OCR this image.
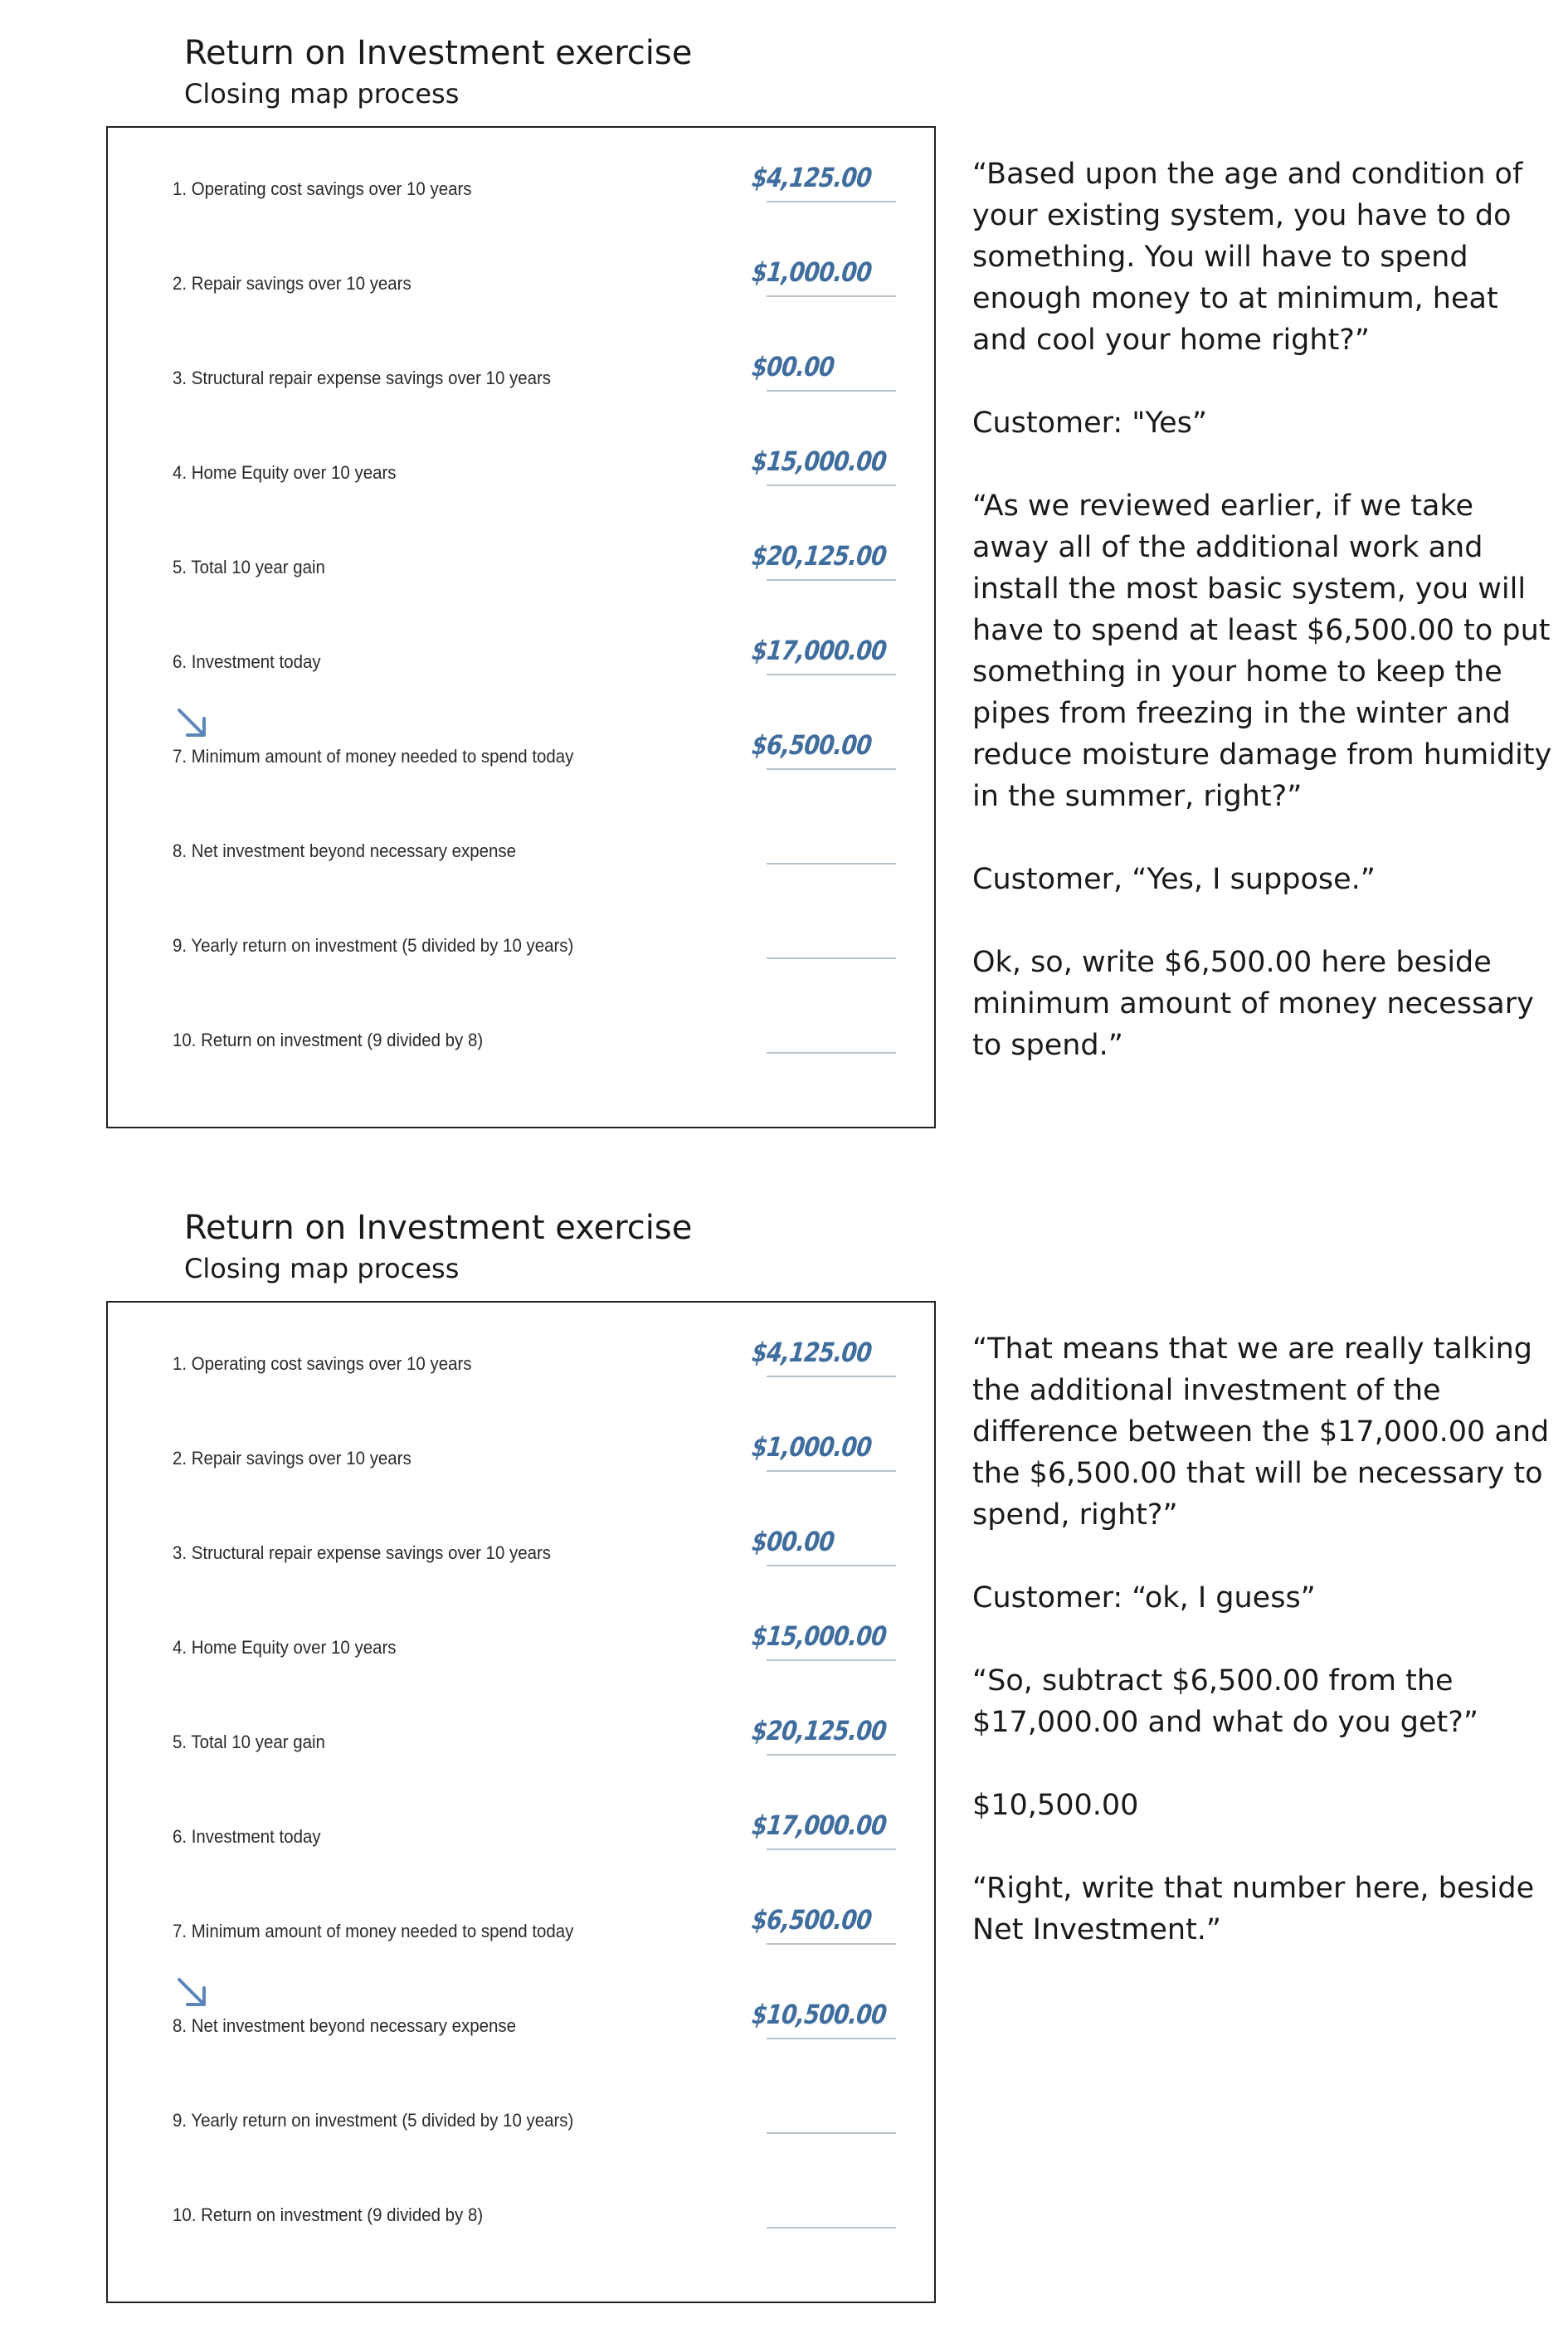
Return on Investment exercise
Closing map process
1. Operating cost savings over 10 years	$4,125.00
2. Repair savings over 10 years	$1,000.00
3. Structural repair expense savings over 10 years	$00.00
4. Home Equity over 10 years	$15,000.00
5. Total 10 year gain	$20,125.00
6. Investment today	$17,000.00
7. Minimum amount of money needed to spend today	$6,500.00
8. Net investment beyond necessary expense
9. Yearly return on investment (5 divided by 10 years)
10. Return on investment (9 divided by 8)

“Based upon the age and condition of your existing system, you have to do something. You will have to spend enough money to at minimum, heat and cool your home right?”

Customer: "Yes”

“As we reviewed earlier, if we take away all of the additional work and install the most basic system, you will have to spend at least $6,500.00 to put something in your home to keep the pipes from freezing in the winter and reduce moisture damage from humidity in the summer, right?”

Customer, “Yes, I suppose.”

Ok, so, write $6,500.00 here beside minimum amount of money necessary to spend.”

Return on Investment exercise
Closing map process
1. Operating cost savings over 10 years	$4,125.00
2. Repair savings over 10 years	$1,000.00
3. Structural repair expense savings over 10 years	$00.00
4. Home Equity over 10 years	$15,000.00
5. Total 10 year gain	$20,125.00
6. Investment today	$17,000.00
7. Minimum amount of money needed to spend today	$6,500.00
8. Net investment beyond necessary expense	$10,500.00
9. Yearly return on investment (5 divided by 10 years)
10. Return on investment (9 divided by 8)

“That means that we are really talking the additional investment of the difference between the $17,000.00 and the $6,500.00 that will be necessary to spend, right?”

Customer: “ok, I guess”

“So, subtract $6,500.00 from the $17,000.00 and what do you get?”

$10,500.00

“Right, write that number here, beside Net Investment.”
